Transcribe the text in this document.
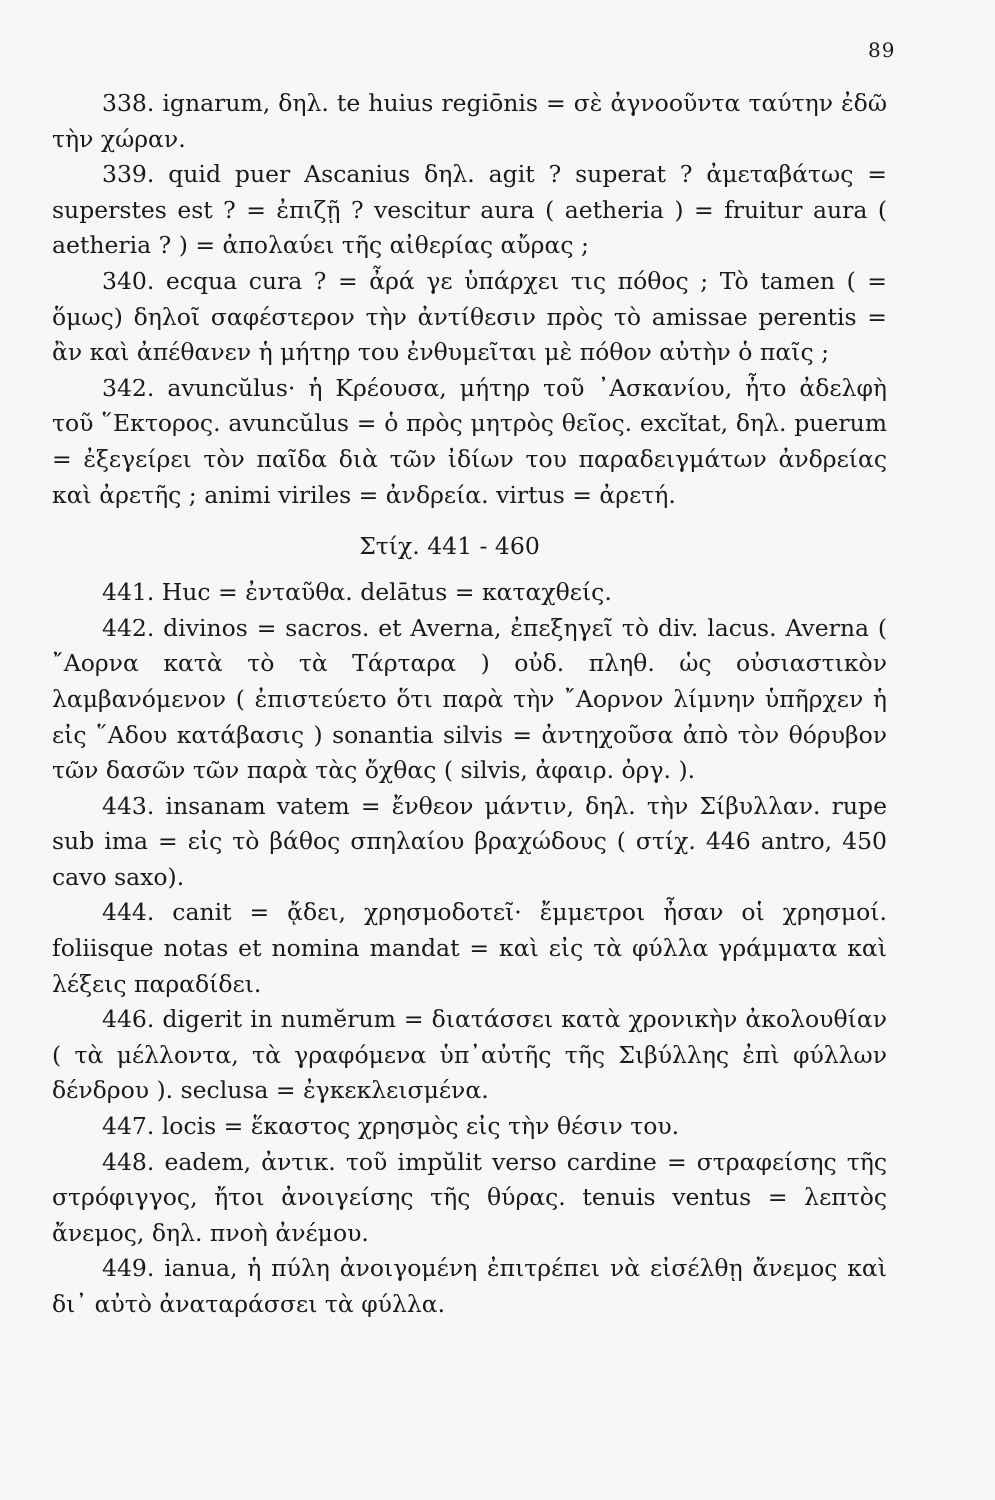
89

338. ignarum, δηλ. te huius regiōnis = σὲ ἀγνοοῦντα ταύτην ἐδῶ τὴν χώραν.

339. quid puer Ascanius δηλ. agit ? superat ? ἀμεταβάτως = superstes est ? = ἐπιζῇ ? vescitur aura ( aetheria ) = fruitur aura ( aetheria ? ) = ἀπολαύει τῆς αἰθερίας αὔρας ;

340. ecqua cura ? = ἆρά γε ὑπάρχει τις πόθος ; Tò tamen ( = ὅμως) δηλοῖ σαφέστερον τὴν ἀντίθεσιν πρὸς τὸ amissae perentis = ἂν καὶ ἀπέθανεν ἡ μήτηρ του ἐνθυμεῖται μὲ πόθον αὐτὴν ὁ παῖς ;

342. avuncŭlus· ἡ Κρέουσα, μήτηρ τοῦ ᾿Ασκανίου, ἦτο ἀδελφὴ τοῦ ῞Εκτορος. avuncŭlus = ὁ πρὸς μητρὸς θεῖος. excĭtat, δηλ. puerum = ἐξεγείρει τὸν παῖδα διὰ τῶν ἰδίων του παραδειγμάτων ἀνδρείας καὶ ἀρετῆς ; animi viriles = ἀνδρεία. virtus = ἀρετή.

Στίχ. 441 - 460

441. Huc = ἐνταῦθα. delātus = καταχθείς.

442. divinos = sacros. et Averna, ἐπεξηγεῖ τὸ div. lacus. Averna ( ῎Αορνα κατὰ τὸ τὰ Τάρταρα ) οὐδ. πληθ. ὡς οὐσιαστικὸν λαμβανόμενον ( ἐπιστεύετο ὅτι παρὰ τὴν ῎Αορνον λίμνην ὑπῆρχεν ἡ εἰς ῞Αδου κατάβασις ) sonantia silvis = ἀντηχοῦσα ἀπὸ τὸν θόρυβον τῶν δασῶν τῶν παρὰ τὰς ὄχθας ( silvis, ἀφαιρ. ὀργ. ).

443. insanam vatem = ἔνθεον μάντιν, δηλ. τὴν Σίβυλλαν. rupe sub ima = εἰς τὸ βάθος σπηλαίου βραχώδους ( στίχ. 446 antro, 450 cavo saxo).

444. canit = ᾄδει, χρησμοδοτεῖ· ἔμμετροι ἦσαν οἱ χρησμοί. foliisque notas et nomina mandat = καὶ εἰς τὰ φύλλα γράμματα καὶ λέξεις παραδίδει.

446. digerit in numĕrum = διατάσσει κατὰ χρονικὴν ἀκολουθίαν ( τὰ μέλλοντα, τὰ γραφόμενα ὑπ᾿αὐτῆς τῆς Σιβύλλης ἐπὶ φύλλων δένδρου ). seclusa = ἐγκεκλεισμένα.

447. locis = ἕκαστος χρησμὸς εἰς τὴν θέσιν του.

448. eadem, ἀντικ. τοῦ impŭlit verso cardine = στραφείσης τῆς στρόφιγγος, ἤτοι ἀνοιγείσης τῆς θύρας. tenuis ventus = λεπτὸς ἄνεμος, δηλ. πνοὴ ἀνέμου.

449. ianua, ἡ πύλη ἀνοιγομένη ἐπιτρέπει νὰ εἰσέλθῃ ἄνεμος καὶ δι᾿ αὐτὸ ἀναταράσσει τὰ φύλλα.
